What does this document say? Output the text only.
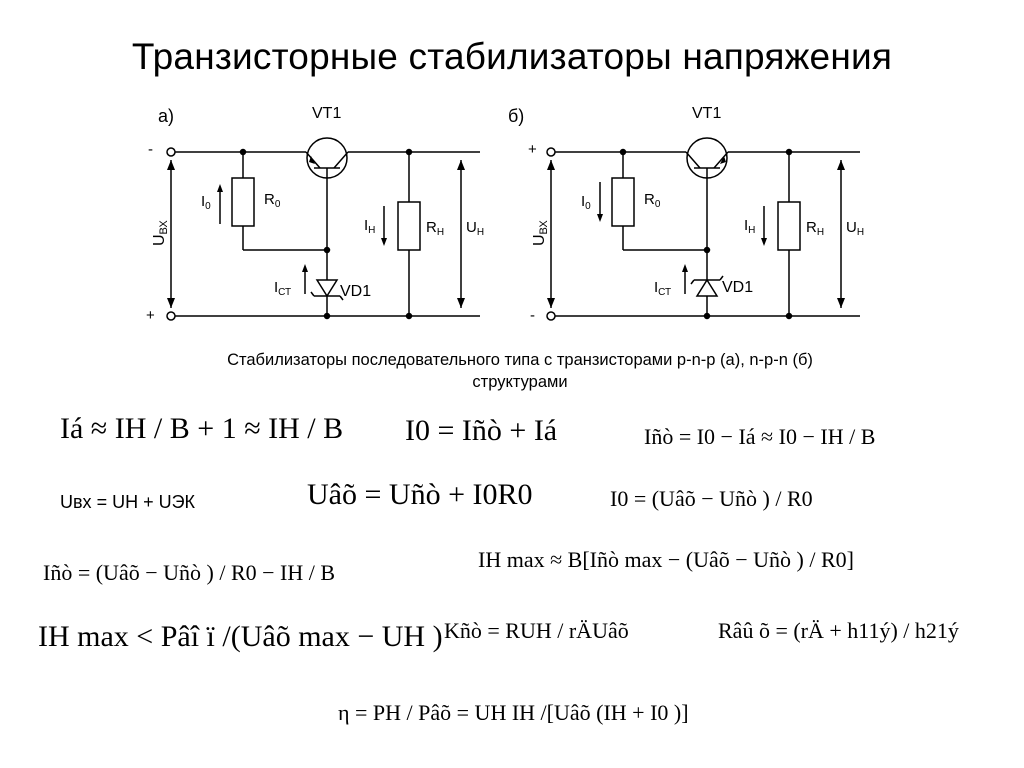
Транзисторные стабилизаторы напряжения
а)
-
+
UВХ
$R_0$
$I_0$
VT1
VD1
$I_{СТ}$
$R_Н$
$I_Н$	$U_Н$
б)
+
-
UВХ
$R_0$
$I_0$
VT1
VD1
$I_{СТ}$
$R_Н$
$I_Н$	$U_Н$
Стабилизаторы последовательного типа с транзисторами p-n-p (а), n-p-n (б)
структурами
Iá ≈ IH / B + 1 ≈ IH / B I0 = Iñò + Iá	Iñò = I0 − Iá ≈ I0 − IH / B
Uвх = UН + UЭК	Uâõ = Uñò + I0R0	I0 = (Uâõ − Uñò ) / R0
IH max ≈ B[Iñò max − (Uâõ − Uñò ) / R0]
Iñò = (Uâõ − Uñò ) / R0 − IH / B
IH max < Pâî ï /(Uâõ max − UH ) Kñò = RUH / rÄUâõ	Râû õ = (rÄ + h11ý) / h21ý
η = PH / Pâõ = UH IH /[Uâõ (IH + I0 )]
